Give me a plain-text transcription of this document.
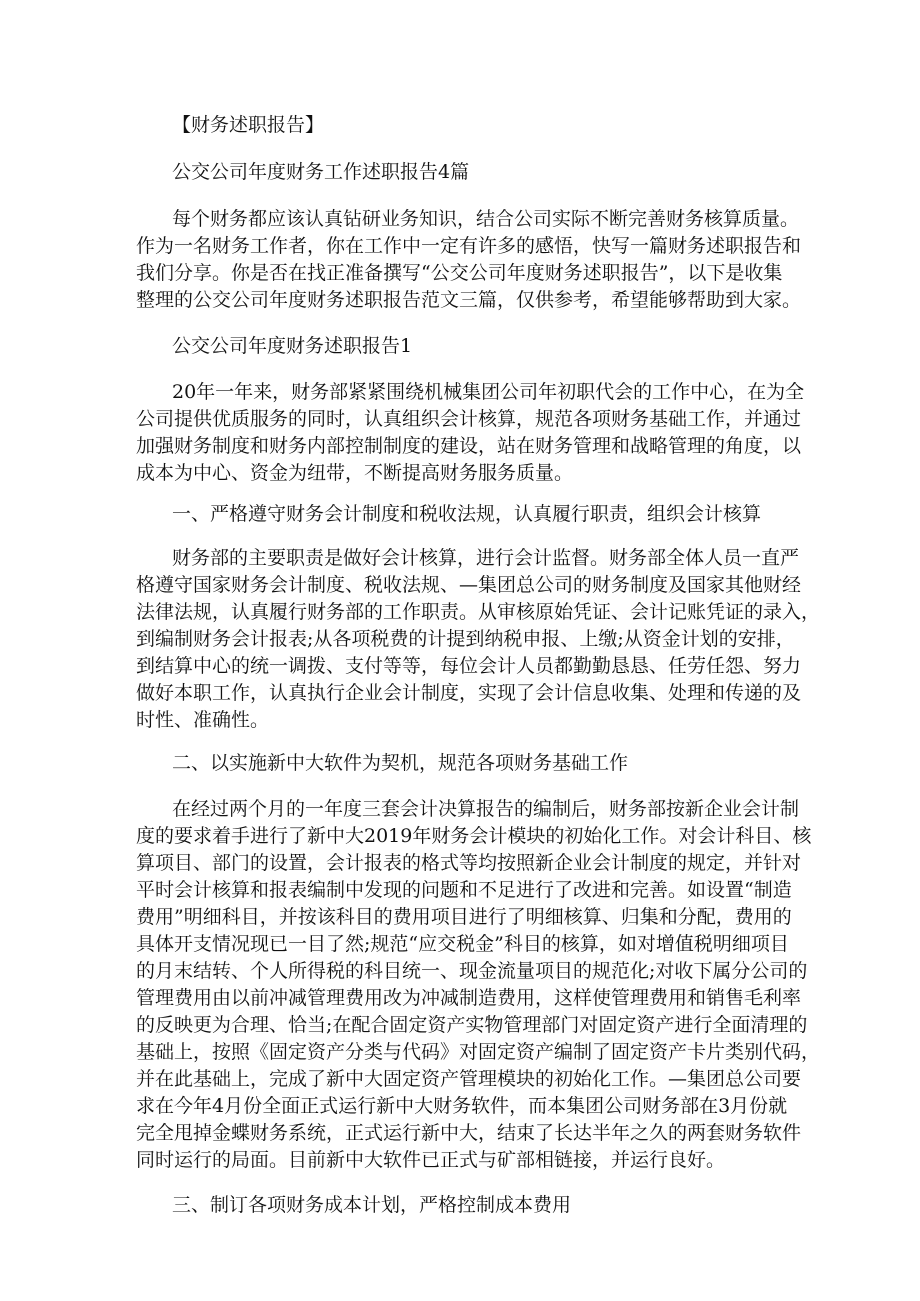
【财务述职报告】
公交公司年度财务工作述职报告4篇
每个财务都应该认真钻研业务知识，结合公司实际不断完善财务核算质量。
作为一名财务工作者，你在工作中一定有许多的感悟，快写一篇财务述职报告和
我们分享。你是否在找正准备撰写“公交公司年度财务述职报告”，以下是收集
整理的公交公司年度财务述职报告范文三篇，仅供参考，希望能够帮助到大家。
公交公司年度财务述职报告1
20年一年来，财务部紧紧围绕机械集团公司年初职代会的工作中心，在为全
公司提供优质服务的同时，认真组织会计核算，规范各项财务基础工作，并通过
加强财务制度和财务内部控制制度的建设，站在财务管理和战略管理的角度，以
成本为中心、资金为纽带，不断提高财务服务质量。
一、严格遵守财务会计制度和税收法规，认真履行职责，组织会计核算
财务部的主要职责是做好会计核算，进行会计监督。财务部全体人员一直严
格遵守国家财务会计制度、税收法规、—集团总公司的财务制度及国家其他财经
法律法规，认真履行财务部的工作职责。从审核原始凭证、会计记账凭证的录入，
到编制财务会计报表;从各项税费的计提到纳税申报、上缴;从资金计划的安排，
到结算中心的统一调拨、支付等等，每位会计人员都勤勤恳恳、任劳任怨、努力
做好本职工作，认真执行企业会计制度，实现了会计信息收集、处理和传递的及
时性、准确性。
二、以实施新中大软件为契机，规范各项财务基础工作
在经过两个月的一年度三套会计决算报告的编制后，财务部按新企业会计制
度的要求着手进行了新中大2019年财务会计模块的初始化工作。对会计科目、核
算项目、部门的设置，会计报表的格式等均按照新企业会计制度的规定，并针对
平时会计核算和报表编制中发现的问题和不足进行了改进和完善。如设置“制造
费用”明细科目，并按该科目的费用项目进行了明细核算、归集和分配，费用的
具体开支情况现已一目了然;规范“应交税金”科目的核算，如对增值税明细项目
的月末结转、个人所得税的科目统一、现金流量项目的规范化;对收下属分公司的
管理费用由以前冲减管理费用改为冲减制造费用，这样使管理费用和销售毛利率
的反映更为合理、恰当;在配合固定资产实物管理部门对固定资产进行全面清理的
基础上，按照《固定资产分类与代码》对固定资产编制了固定资产卡片类别代码，
并在此基础上，完成了新中大固定资产管理模块的初始化工作。—集团总公司要
求在今年4月份全面正式运行新中大财务软件，而本集团公司财务部在3月份就
完全甩掉金蝶财务系统，正式运行新中大，结束了长达半年之久的两套财务软件
同时运行的局面。目前新中大软件已正式与矿部相链接，并运行良好。
三、制订各项财务成本计划，严格控制成本费用
